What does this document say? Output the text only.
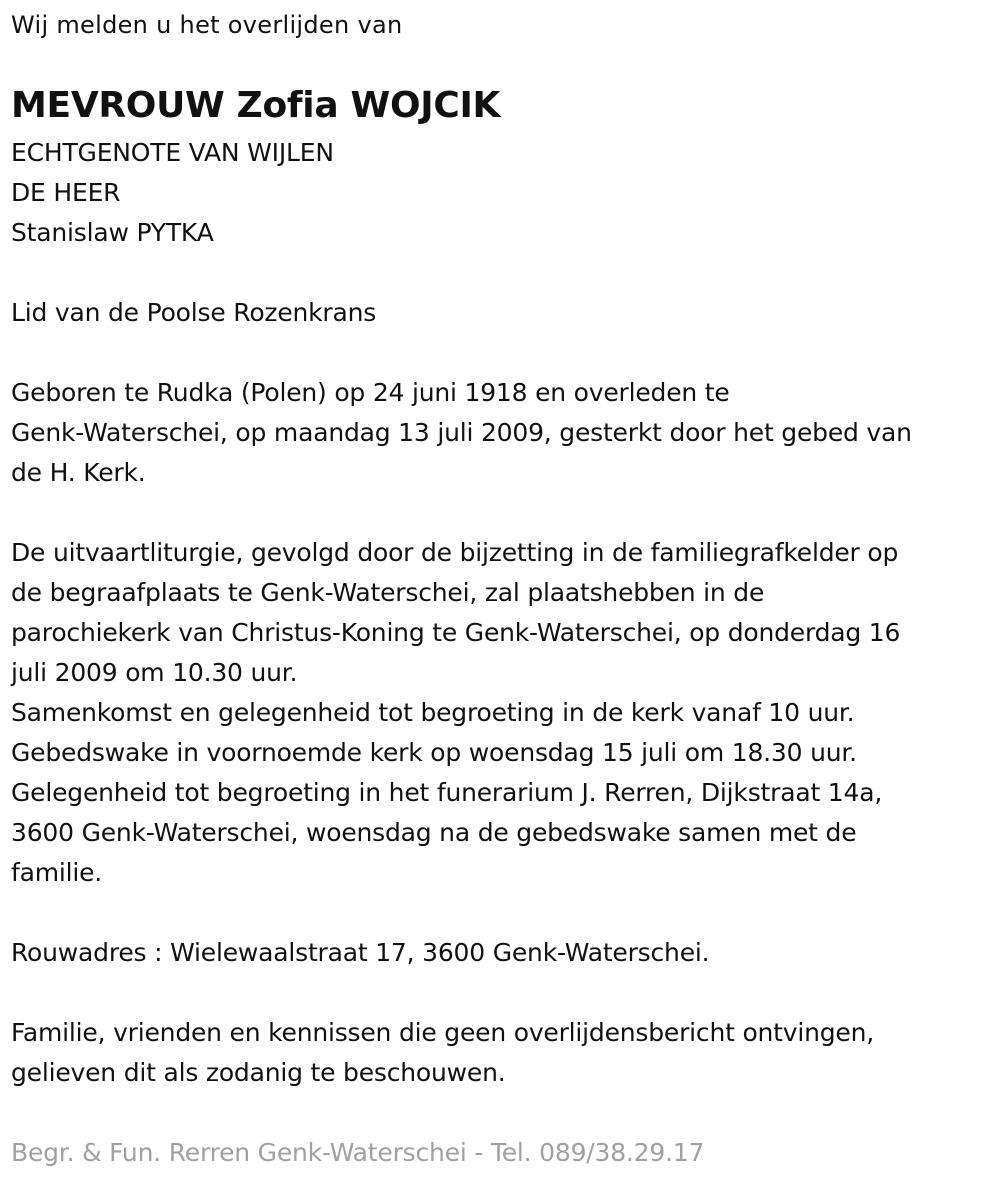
Wij melden u het overlijden van
MEVROUW Zofia WOJCIK
ECHTGENOTE VAN WIJLEN
DE HEER
Stanislaw PYTKA
Lid van de Poolse Rozenkrans
Geboren te Rudka (Polen) op 24 juni 1918 en overleden te
Genk-Waterschei, op maandag 13 juli 2009, gesterkt door het gebed van
de H. Kerk.
De uitvaartliturgie, gevolgd door de bijzetting in de familiegrafkelder op
de begraafplaats te Genk-Waterschei, zal plaatshebben in de
parochiekerk van Christus-Koning te Genk-Waterschei, op donderdag 16
juli 2009 om 10.30 uur.
Samenkomst en gelegenheid tot begroeting in de kerk vanaf 10 uur.
Gebedswake in voornoemde kerk op woensdag 15 juli om 18.30 uur.
Gelegenheid tot begroeting in het funerarium J. Rerren, Dijkstraat 14a,
3600 Genk-Waterschei, woensdag na de gebedswake samen met de
familie.
Rouwadres : Wielewaalstraat 17, 3600 Genk-Waterschei.
Familie, vrienden en kennissen die geen overlijdensbericht ontvingen,
gelieven dit als zodanig te beschouwen.
Begr. & Fun. Rerren Genk-Waterschei - Tel. 089/38.29.17
